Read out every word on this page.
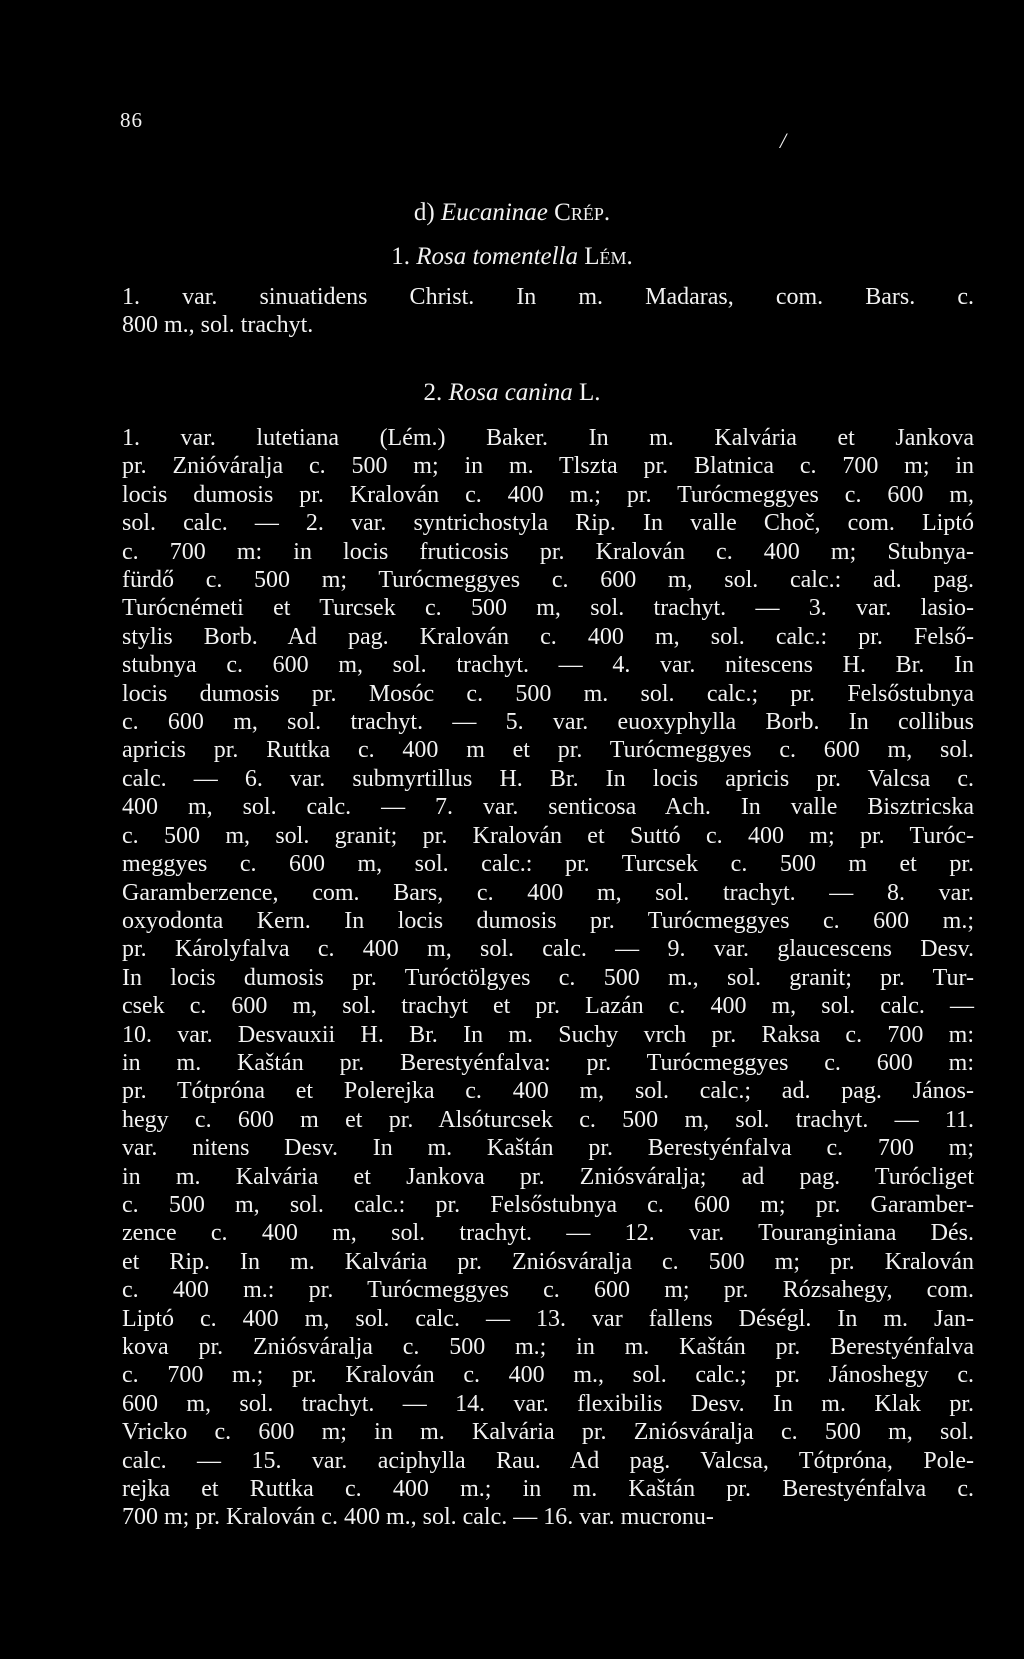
86
/
d) Eucaninae Crép.
1. Rosa tomentella Lém.
1. var. sinuatidens Christ. In m. Madaras, com. Bars. c.
800 m., sol. trachyt.
2. Rosa canina L.
1. var. lutetiana (Lém.) Baker. In m. Kalvária et Jankova
pr. Znióváralja c. 500 m; in m. Tlszta pr. Blatnica c. 700 m; in
locis dumosis pr. Kralován c. 400 m.; pr. Turócmeggyes c. 600 m,
sol. calc. — 2. var. syntrichostyla Rip. In valle Choč, com. Liptó
c. 700 m: in locis fruticosis pr. Kralován c. 400 m; Stubnya-
fürdő c. 500 m; Turócmeggyes c. 600 m, sol. calc.: ad. pag.
Turócnémeti et Turcsek c. 500 m, sol. trachyt. — 3. var. lasio-
stylis Borb. Ad pag. Kralován c. 400 m, sol. calc.: pr. Felső-
stubnya c. 600 m, sol. trachyt. — 4. var. nitescens H. Br. In
locis dumosis pr. Mosóc c. 500 m. sol. calc.; pr. Felsőstubnya
c. 600 m, sol. trachyt. — 5. var. euoxyphylla Borb. In collibus
apricis pr. Ruttka c. 400 m et pr. Turócmeggyes c. 600 m, sol.
calc. — 6. var. submyrtillus H. Br. In locis apricis pr. Valcsa c.
400 m, sol. calc. — 7. var. senticosa Ach. In valle Bisztricska
c. 500 m, sol. granit; pr. Kralován et Suttó c. 400 m; pr. Turóc-
meggyes c. 600 m, sol. calc.: pr. Turcsek c. 500 m et pr.
Garamberzence, com. Bars, c. 400 m, sol. trachyt. — 8. var.
oxyodonta Kern. In locis dumosis pr. Turócmeggyes c. 600 m.;
pr. Károlyfalva c. 400 m, sol. calc. — 9. var. glaucescens Desv.
In locis dumosis pr. Turóctölgyes c. 500 m., sol. granit; pr. Tur-
csek c. 600 m, sol. trachyt et pr. Lazán c. 400 m, sol. calc. —
10. var. Desvauxii H. Br. In m. Suchy vrch pr. Raksa c. 700 m:
in m. Kaštán pr. Berestyénfalva: pr. Turócmeggyes c. 600 m:
pr. Tótpróna et Polerejka c. 400 m, sol. calc.; ad. pag. János-
hegy c. 600 m et pr. Alsóturcsek c. 500 m, sol. trachyt. — 11.
var. nitens Desv. In m. Kaštán pr. Berestyénfalva c. 700 m;
in m. Kalvária et Jankova pr. Zniósváralja; ad pag. Turócliget
c. 500 m, sol. calc.: pr. Felsőstubnya c. 600 m; pr. Garamber-
zence c. 400 m, sol. trachyt. — 12. var. Touranginiana Dés.
et Rip. In m. Kalvária pr. Zniósváralja c. 500 m; pr. Kralován
c. 400 m.: pr. Turócmeggyes c. 600 m; pr. Rózsahegy, com.
Liptó c. 400 m, sol. calc. — 13. var fallens Déségl. In m. Jan-
kova pr. Zniósváralja c. 500 m.; in m. Kaštán pr. Berestyénfalva
c. 700 m.; pr. Kralován c. 400 m., sol. calc.; pr. Jánoshegy c.
600 m, sol. trachyt. — 14. var. flexibilis Desv. In m. Klak pr.
Vricko c. 600 m; in m. Kalvária pr. Zniósváralja c. 500 m, sol.
calc. — 15. var. aciphylla Rau. Ad pag. Valcsa, Tótpróna, Pole-
rejka et Ruttka c. 400 m.; in m. Kaštán pr. Berestyénfalva c.
700 m; pr. Kralován c. 400 m., sol. calc. — 16. var. mucronu-
